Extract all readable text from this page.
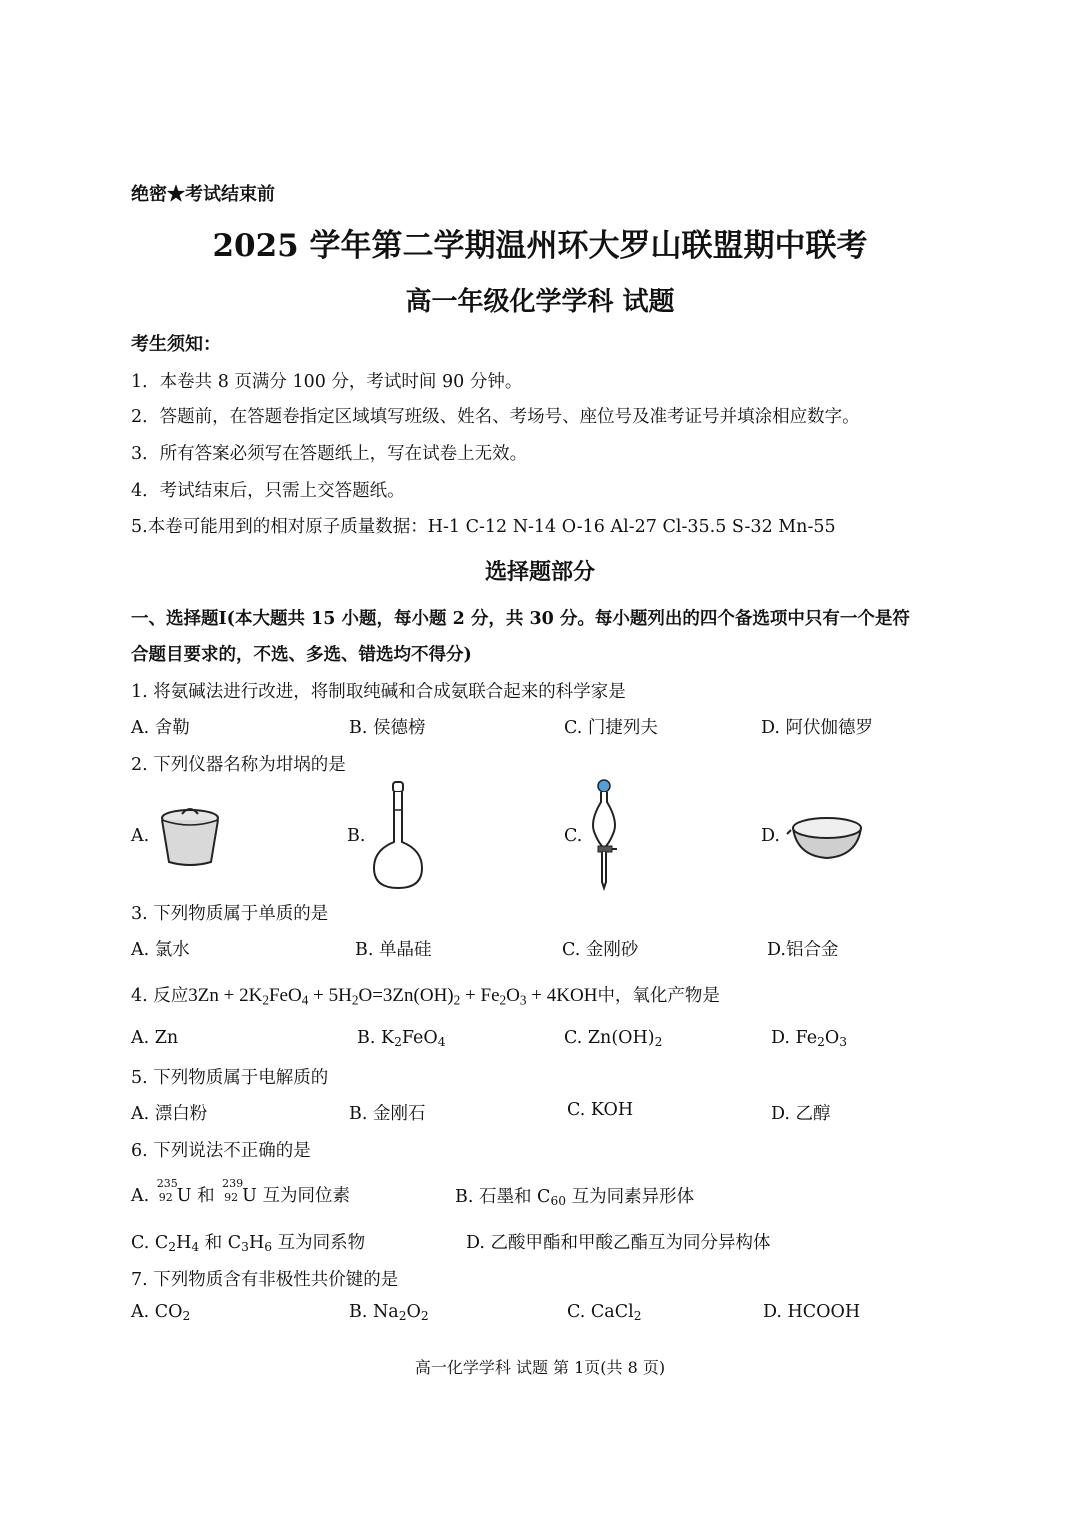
绝密★考试结束前
2025 学年第二学期温州环大罗山联盟期中联考
高一年级化学学科 试题
考生须知：
1．本卷共 8 页满分 100 分，考试时间 90 分钟。
2．答题前，在答题卷指定区域填写班级、姓名、考场号、座位号及准考证号并填涂相应数字。
3．所有答案必须写在答题纸上，写在试卷上无效。
4．考试结束后，只需上交答题纸。
5.本卷可能用到的相对原子质量数据：H-1 C-12 N-14 O-16 Al-27 Cl-35.5 S-32 Mn-55
选择题部分
一、选择题Ⅰ(本大题共 15 小题，每小题 2 分，共 30 分。每小题列出的四个备选项中只有一个是符
合题目要求的，不选、多选、错选均不得分)
1. 将氨碱法进行改进，将制取纯碱和合成氨联合起来的科学家是
A. 舍勒	B. 侯德榜	C. 门捷列夫	D. 阿伏伽德罗
2. 下列仪器名称为坩埚的是
A.	B.	C.	D.
3. 下列物质属于单质的是
A. 氯水	B. 单晶硅	C. 金刚砂	D.铝合金
4. 反应$3Zn + 2K_2FeO_4 + 5H_2O=3Zn(OH)_2 + Fe_2O_3 + 4KOH$中，氧化产物是
A. Zn	B. $K_2FeO_4$	C. $Zn(OH)_2$	D. $Fe_2O_3$
5. 下列物质属于电解质的
A. 漂白粉	B. 金刚石	C. KOH	D. 乙醇
6. 下列说法不正确的是
A.
235
92 U 和
239
92 U 互为同位素	B. 石墨和 $C_{60}$ 互为同素异形体
C. $C_2H_4$ 和 $C_3H_6$ 互为同系物	D. 乙酸甲酯和甲酸乙酯互为同分异构体
7. 下列物质含有非极性共价键的是
A. $CO_2$	B. $Na_2O_2$	C. CaCl$_2$	D. HCOOH
高一化学学科 试题 第 1页(共 8 页)
